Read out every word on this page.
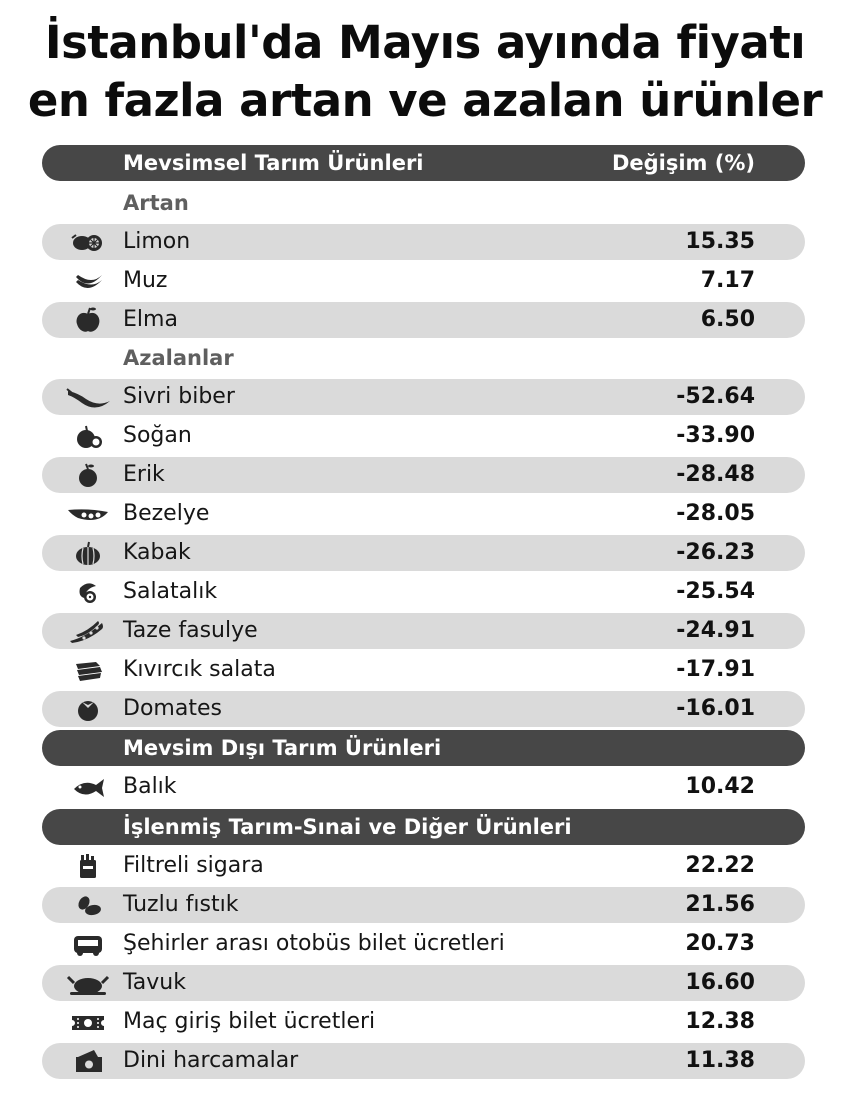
İstanbul'da Mayıs ayında fiyatı
en fazla artan ve azalan ürünler
Mevsimsel Tarım Ürünleri	Değişim (%)
Artan
Limon	15.35
Muz	7.17
Elma	6.50
Azalanlar
Sivri biber	-52.64
Soğan	-33.90
Erik	-28.48
Bezelye	-28.05
Kabak	-26.23
Salatalık	-25.54
Taze fasulye	-24.91
Kıvırcık salata	-17.91
Domates	-16.01
Mevsim Dışı Tarım Ürünleri
Balık	10.42
İşlenmiş Tarım-Sınai ve Diğer Ürünleri
Filtreli sigara	22.22
Tuzlu fıstık	21.56
Şehirler arası otobüs bilet ücretleri	20.73
Tavuk	16.60
Maç giriş bilet ücretleri	12.38
Dini harcamalar	11.38
